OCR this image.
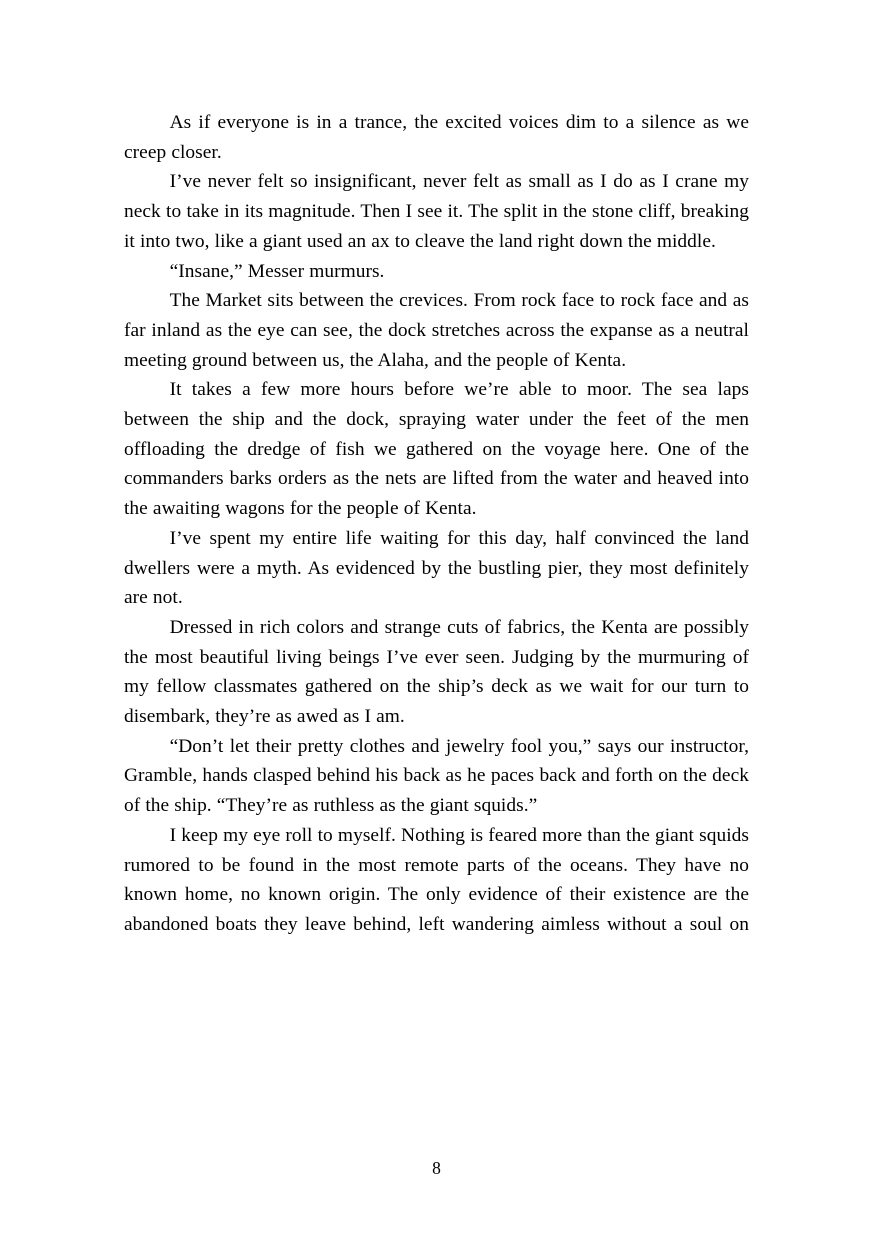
As if everyone is in a trance, the excited voices dim to a silence as we creep closer.

I’ve never felt so insignificant, never felt as small as I do as I crane my neck to take in its magnitude. Then I see it. The split in the stone cliff, breaking it into two, like a giant used an ax to cleave the land right down the middle.

“Insane,” Messer murmurs.

The Market sits between the crevices. From rock face to rock face and as far inland as the eye can see, the dock stretches across the expanse as a neutral meeting ground between us, the Alaha, and the people of Kenta.

It takes a few more hours before we’re able to moor. The sea laps between the ship and the dock, spraying water under the feet of the men offloading the dredge of fish we gathered on the voyage here. One of the commanders barks orders as the nets are lifted from the water and heaved into the awaiting wagons for the people of Kenta.

I’ve spent my entire life waiting for this day, half convinced the land dwellers were a myth. As evidenced by the bustling pier, they most definitely are not.

Dressed in rich colors and strange cuts of fabrics, the Kenta are possibly the most beautiful living beings I’ve ever seen. Judging by the murmuring of my fellow classmates gathered on the ship’s deck as we wait for our turn to disembark, they’re as awed as I am.

“Don’t let their pretty clothes and jewelry fool you,” says our instructor, Gramble, hands clasped behind his back as he paces back and forth on the deck of the ship. “They’re as ruthless as the giant squids.”

I keep my eye roll to myself. Nothing is feared more than the giant squids rumored to be found in the most remote parts of the oceans. They have no known home, no known origin. The only evidence of their existence are the abandoned boats they leave behind, left wandering aimless without a soul on

8
